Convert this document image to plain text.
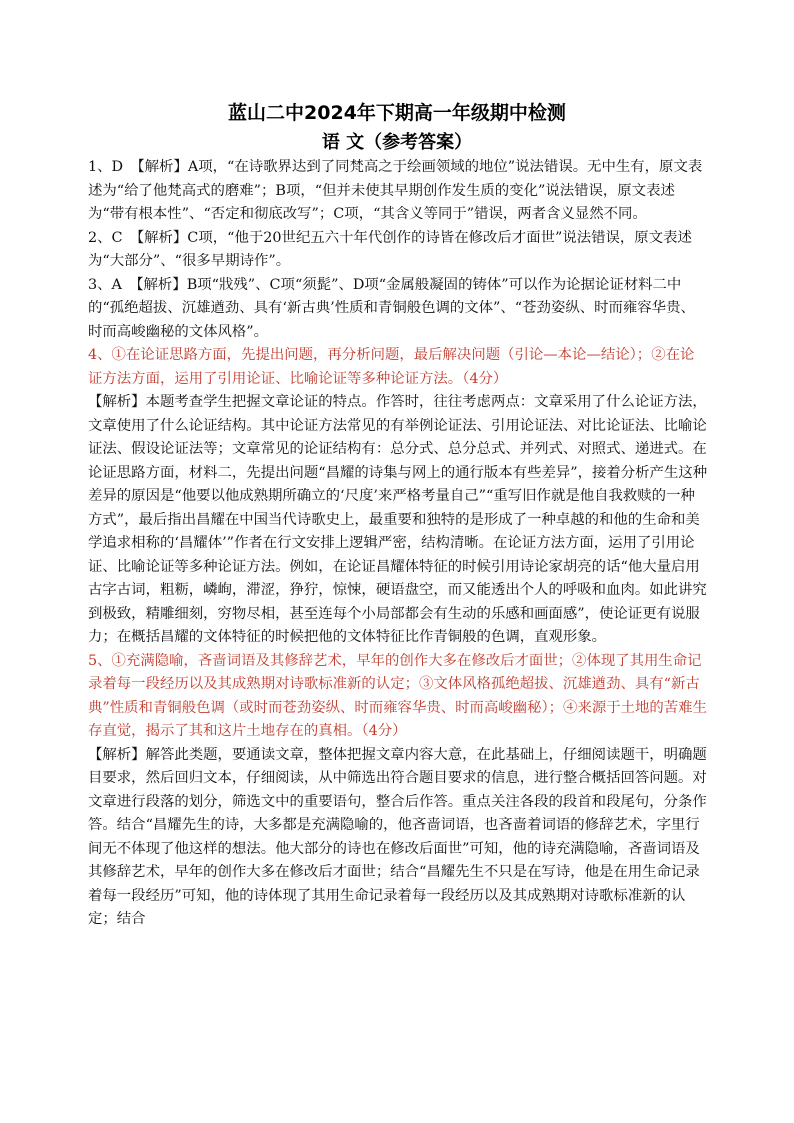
蓝山二中2024年下期高一年级期中检测
语 文（参考答案）

1、D　【解析】A项，“在诗歌界达到了同梵高之于绘画领域的地位”说法错误。无中生有，原文表述为“给了他梵高式的磨难”；B项，“但并未使其早期创作发生质的变化”说法错误，原文表述为“带有根本性”、“否定和彻底改写”；C项，“其含义等同于”错误，两者含义显然不同。

2、C　【解析】C项，“他于20世纪五六十年代创作的诗皆在修改后才面世”说法错误，原文表述为“大部分”、“很多早期诗作”。

3、A　【解析】B项“戕残”、C项“须髭”、D项“金属般凝固的铸体”可以作为论据论证材料二中的“孤绝超拔、沉雄遒劲、具有‘新古典’性质和青铜般色调的文体”、“苍劲姿纵、时而雍容华贵、时而高峻幽秘的文体风格”。

4、①在论证思路方面，先提出问题，再分析问题，最后解决问题（引论—本论—结论）；②在论证方法方面，运用了引用论证、比喻论证等多种论证方法。（4分）

【解析】本题考查学生把握文章论证的特点。作答时，往往考虑两点：文章采用了什么论证方法，文章使用了什么论证结构。其中论证方法常见的有举例论证法、引用论证法、对比论证法、比喻论证法、假设论证法等；文章常见的论证结构有：总分式、总分总式、并列式、对照式、递进式。在论证思路方面，材料二，先提出问题“昌耀的诗集与网上的通行版本有些差异”，接着分析产生这种差异的原因是“他要以他成熟期所确立的‘尺度’来严格考量自己”“重写旧作就是他自我救赎的一种方式”，最后指出昌耀在中国当代诗歌史上，最重要和独特的是形成了一种卓越的和他的生命和美学追求相称的‘昌耀体’”作者在行文安排上逻辑严密，结构清晰。在论证方法方面，运用了引用论证、比喻论证等多种论证方法。例如，在论证昌耀体特征的时候引用诗论家胡亮的话“他大量启用古字古词，粗粝，嶙峋，滞涩，狰狞，惊悚，硬语盘空，而又能透出个人的呼吸和血肉。如此讲究到极致，精雕细刻，穷物尽相，甚至连每个小局部都会有生动的乐感和画面感”，使论证更有说服力；在概括昌耀的文体特征的时候把他的文体特征比作青铜般的色调，直观形象。

5、①充满隐喻，吝啬词语及其修辞艺术，早年的创作大多在修改后才面世；②体现了其用生命记录着每一段经历以及其成熟期对诗歌标准新的认定；③文体风格孤绝超拔、沉雄遒劲、具有“新古典”性质和青铜般色调（或时而苍劲姿纵、时而雍容华贵、时而高峻幽秘）；④来源于土地的苦难生存直觉，揭示了其和这片土地存在的真相。（4分）

【解析】解答此类题，要通读文章，整体把握文章内容大意，在此基础上，仔细阅读题干，明确题目要求，然后回归文本，仔细阅读，从中筛选出符合题目要求的信息，进行整合概括回答问题。对文章进行段落的划分，筛选文中的重要语句，整合后作答。重点关注各段的段首和段尾句，分条作答。结合“昌耀先生的诗，大多都是充满隐喻的，他吝啬词语，也吝啬着词语的修辞艺术，字里行间无不体现了他这样的想法。他大部分的诗也在修改后面世”可知，他的诗充满隐喻，吝啬词语及其修辞艺术，早年的创作大多在修改后才面世；结合“昌耀先生不只是在写诗，他是在用生命记录着每一段经历”可知，他的诗体现了其用生命记录着每一段经历以及其成熟期对诗歌标准新的认定；结合
